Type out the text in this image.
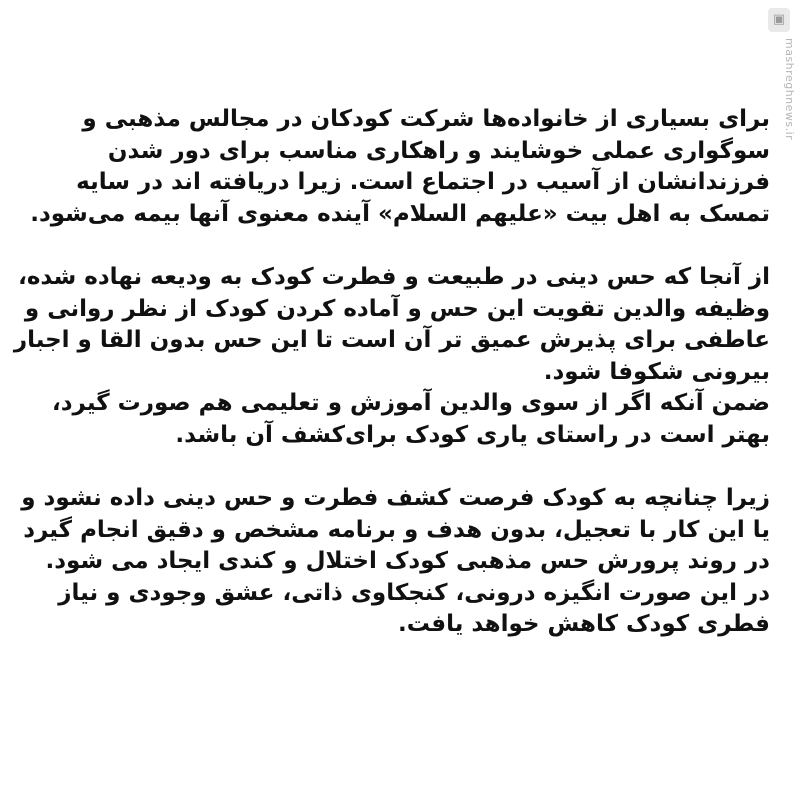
▣
mashreghnews.ir
برای بسیاری از خانواده‌ها شرکت کودکان در مجالس مذهبی و
سوگواری عملی خوشایند و راهکاری مناسب برای دور شدن
فرزندانشان از آسیب در اجتماع است. زیرا دریافته اند در سایه
تمسک به اهل بیت «علیهم السلام» آینده معنوی آنها بیمه می‌شود.
از آنجا که حس دینی در طبیعت و فطرت کودک به ودیعه نهاده شده،
وظیفه والدین تقویت این حس و آماده کردن کودک از نظر روانی و
عاطفی برای پذیرش عمیق تر آن است تا این حس بدون القا و اجبار
بیرونی شکوفا شود.
ضمن آنکه اگر از سوی والدین آموزش و تعلیمی هم صورت گیرد،
بهتر است در راستای یاری کودک برای‌کشف آن باشد.
زیرا چنانچه به کودک فرصت کشف فطرت و حس دینی داده نشود و
یا این کار با تعجیل، بدون هدف و برنامه مشخص و دقیق انجام گیرد
در روند پرورش حس مذهبی کودک اختلال و کندی ایجاد می شود.
در این صورت انگیزه درونی، کنجکاوی ذاتی، عشق وجودی و نیاز
فطری کودک کاهش خواهد یافت.
